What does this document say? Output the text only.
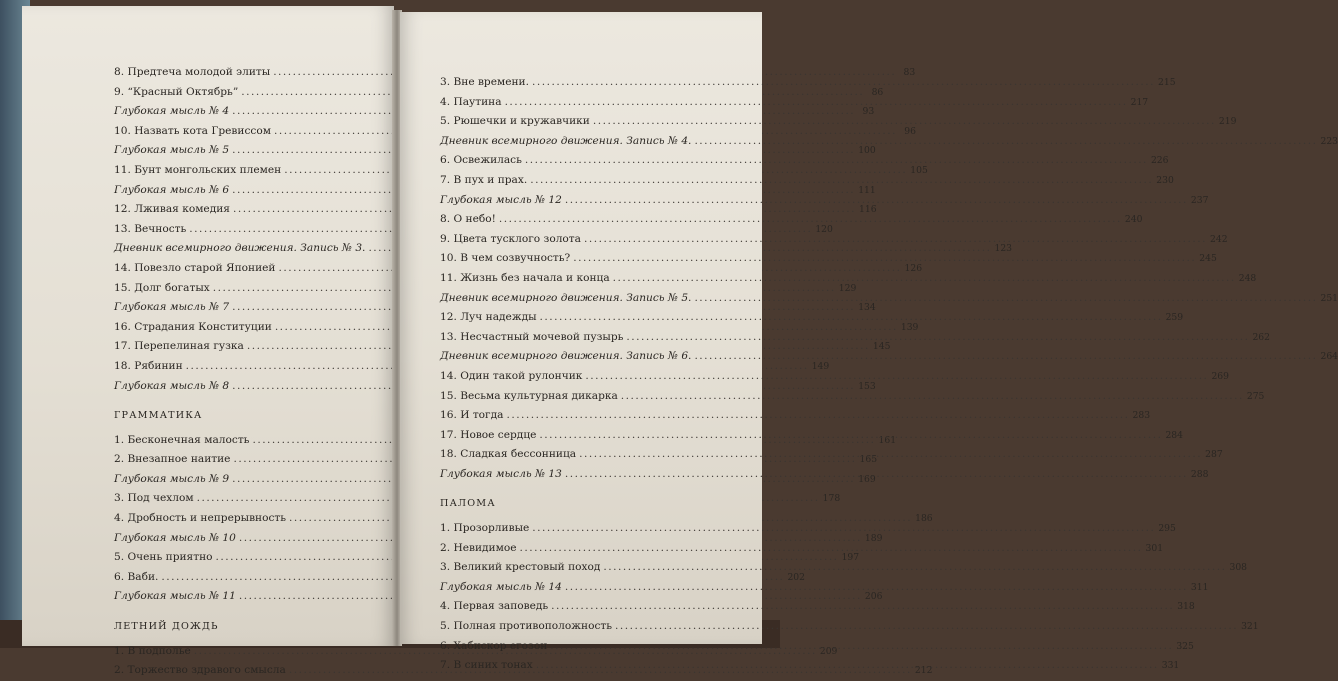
8. Предтеча молодой элиты .....	83
9. “Красный Октябрь” .....	86
Глубокая мысль № 4 .....	93
10. Назвать кота Гревиссом .....	96
Глубокая мысль № 5 .....	100
11. Бунт монгольских племен .....	105
Глубокая мысль № 6 .....	111
12. Лживая комедия .....	116
13. Вечность .....	120
Дневник всемирного движения. Запись № 3. .....	123
14. Повезло старой Японией .....	126
15. Долг богатых .....	129
Глубокая мысль № 7 .....	134
16. Страдания Конституции .....	139
17. Перепелиная гузка .....	145
18. Рябинин .....	149
Глубокая мысль № 8 .....	153
ГРАММАТИКА
1. Бесконечная малость .....	161
2. Внезапное наитие .....	165
Глубокая мысль № 9 .....	169
3. Под чехлом .....	178
4. Дробность и непрерывность .....	186
Глубокая мысль № 10 .....	189
5. Очень приятно .....	197
6. Ваби. .....	202
Глубокая мысль № 11 .....	206
ЛЕТНИЙ ДОЖДЬ
1. В подполье .....	209
2. Торжество здравого смысла .....	212
3. Вне времени. .....	215
4. Паутина .....	217
5. Рюшечки и кружавчики .....	219
Дневник всемирного движения. Запись № 4. .....	223
6. Освежилась .....	226
7. В пух и прах. .....	230
Глубокая мысль № 12 .....	237
8. О небо! .....	240
9. Цвета тусклого золота .....	242
10. В чем созвучность? .....	245
11. Жизнь без начала и конца .....	248
Дневник всемирного движения. Запись № 5. .....	251
12. Луч надежды .....	259
13. Несчастный мочевой пузырь .....	262
Дневник всемирного движения. Запись № 6. .....	264
14. Один такой рулончик .....	269
15. Весьма культурная дикарка .....	275
16. И тогда .....	283
17. Новое сердце .....	284
18. Сладкая бессонница .....	287
Глубокая мысль № 13 .....	288
ПАЛОМА
1. Прозорливые .....	295
2. Невидимое .....	301
3. Великий крестовый поход .....	308
Глубокая мысль № 14 .....	311
4. Первая заповедь .....	318
5. Полная противоположность .....	321
6. Хабискор егозон .....	325
7. В синих тонах .....	331
